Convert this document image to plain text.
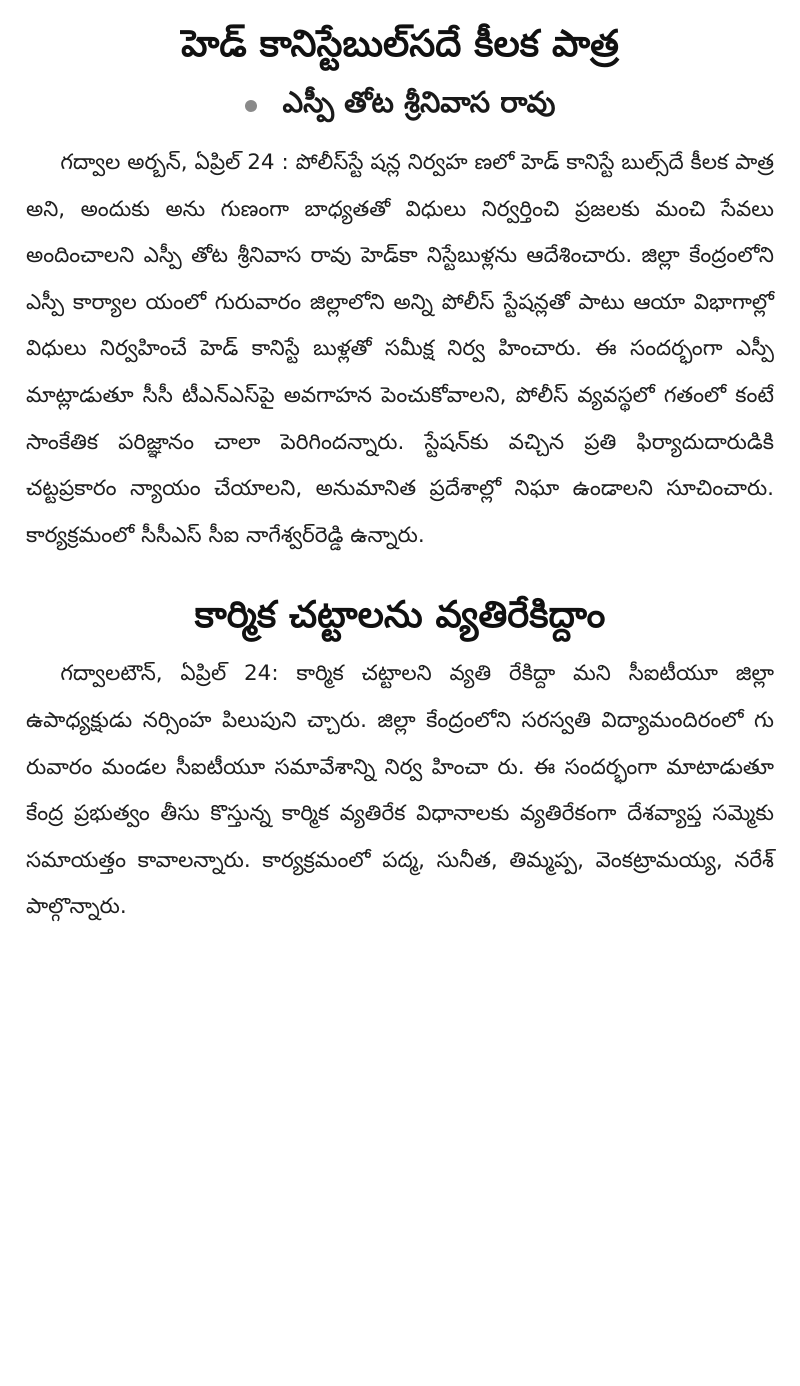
హెడ్ కానిస్టేబుల్‌సదే కీలక పాత్ర
ఎస్పీ తోట శ్రీనివాస రావు

గద్వాల అర్బన్, ఏప్రిల్ 24 : పోలీస్‌స్టే షన్ల నిర్వహ ణలో హెడ్ కానిస్టే బుల్స్‌దే కీలక పాత్ర అని, అందుకు అను గుణంగా బాధ్యతతో విధులు నిర్వర్తించి ప్రజలకు మంచి సేవలు అందించాలని ఎస్పీ తోట శ్రీనివాస రావు హెడ్‌కా నిస్టేబుళ్లను ఆదేశించారు. జిల్లా కేంద్రంలోని ఎస్పీ కార్యాల యంలో గురువారం జిల్లాలోని అన్ని పోలీస్ స్టేషన్లతో పాటు ఆయా విభాగాల్లో విధులు నిర్వహించే హెడ్ కానిస్టే బుళ్లతో సమీక్ష నిర్వ హించారు. ఈ సందర్భంగా ఎస్పీ మాట్లాడుతూ సీసీ టీఎన్ఎస్‌పై అవగాహన పెంచుకోవాలని, పోలీస్ వ్యవస్థలో గతంలో కంటే సాంకేతిక పరిజ్ఞానం చాలా పెరిగిందన్నారు. స్టేషన్‌కు వచ్చిన ప్రతి ఫిర్యాదుదారుడికి చట్టప్రకారం న్యాయం చేయాలని, అనుమానిత ప్రదేశాల్లో నిఘా ఉండాలని సూచించారు. కార్యక్రమంలో సీసీఎస్ సీఐ నాగేశ్వర్‌రెడ్డి ఉన్నారు.

కార్మిక చట్టాలను వ్యతిరేకిద్దాం

గద్వాలటౌన్, ఏప్రిల్ 24: కార్మిక చట్టాలని వ్యతి రేకిద్దా మని సీఐటీయూ జిల్లా ఉపాధ్యక్షుడు నర్సింహ పిలుపుని చ్చారు. జిల్లా కేంద్రంలోని సరస్వతి విద్యామందిరంలో గు రువారం మండల సీఐటీయూ సమావేశాన్ని నిర్వ హించా రు. ఈ సందర్భంగా మాటాడుతూ కేంద్ర ప్రభుత్వం తీసు కొస్తున్న కార్మిక వ్యతిరేక విధానాలకు వ్యతిరేకంగా దేశవ్యాప్త సమ్మెకు సమాయత్తం కావాలన్నారు. కార్యక్రమంలో పద్మ, సునీత, తిమ్మప్ప, వెంకట్రామయ్య, నరేశ్ పాల్గొన్నారు.
